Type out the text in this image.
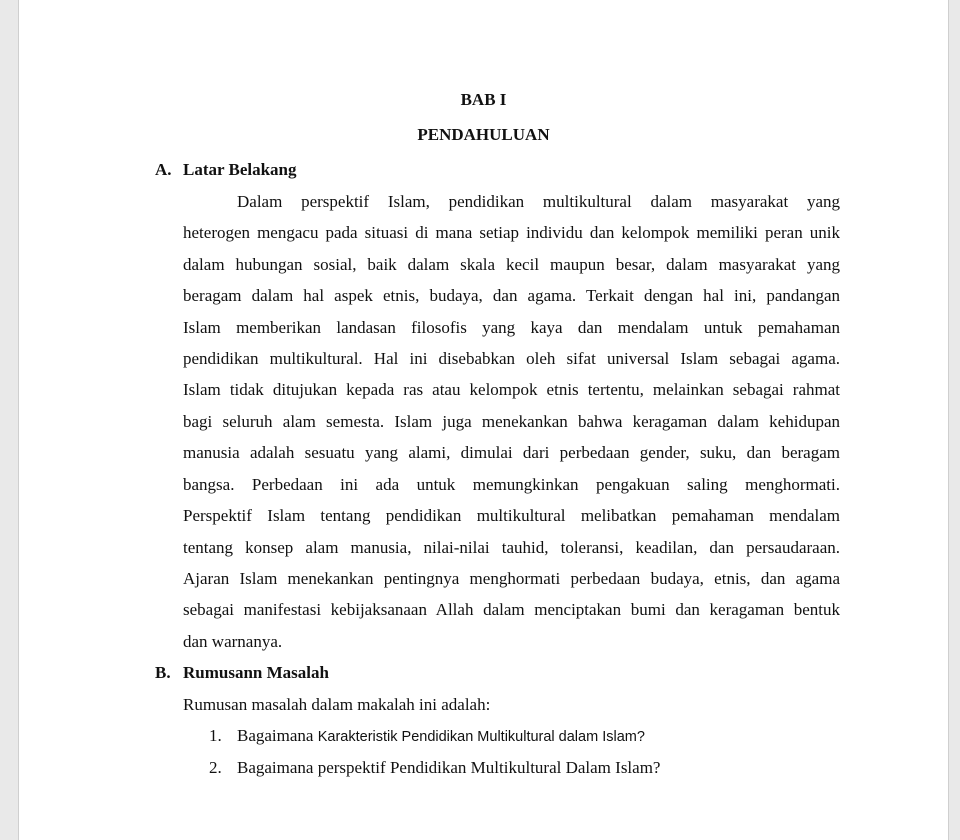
BAB I
PENDAHULUAN
A. Latar Belakang
Dalam perspektif Islam, pendidikan multikultural dalam masyarakat yang
heterogen mengacu pada situasi di mana setiap individu dan kelompok memiliki peran unik
dalam hubungan sosial, baik dalam skala kecil maupun besar, dalam masyarakat yang
beragam dalam hal aspek etnis, budaya, dan agama. Terkait dengan hal ini, pandangan
Islam memberikan landasan filosofis yang kaya dan mendalam untuk pemahaman
pendidikan multikultural. Hal ini disebabkan oleh sifat universal Islam sebagai agama.
Islam tidak ditujukan kepada ras atau kelompok etnis tertentu, melainkan sebagai rahmat
bagi seluruh alam semesta. Islam juga menekankan bahwa keragaman dalam kehidupan
manusia adalah sesuatu yang alami, dimulai dari perbedaan gender, suku, dan beragam
bangsa. Perbedaan ini ada untuk memungkinkan pengakuan saling menghormati.
Perspektif Islam tentang pendidikan multikultural melibatkan pemahaman mendalam
tentang konsep alam manusia, nilai-nilai tauhid, toleransi, keadilan, dan persaudaraan.
Ajaran Islam menekankan pentingnya menghormati perbedaan budaya, etnis, dan agama
sebagai manifestasi kebijaksanaan Allah dalam menciptakan bumi dan keragaman bentuk
dan warnanya.
B. Rumusann Masalah
Rumusan masalah dalam makalah ini adalah:
1. Bagaimana Karakteristik Pendidikan Multikultural dalam Islam?
2. Bagaimana perspektif Pendidikan Multikultural Dalam Islam?
